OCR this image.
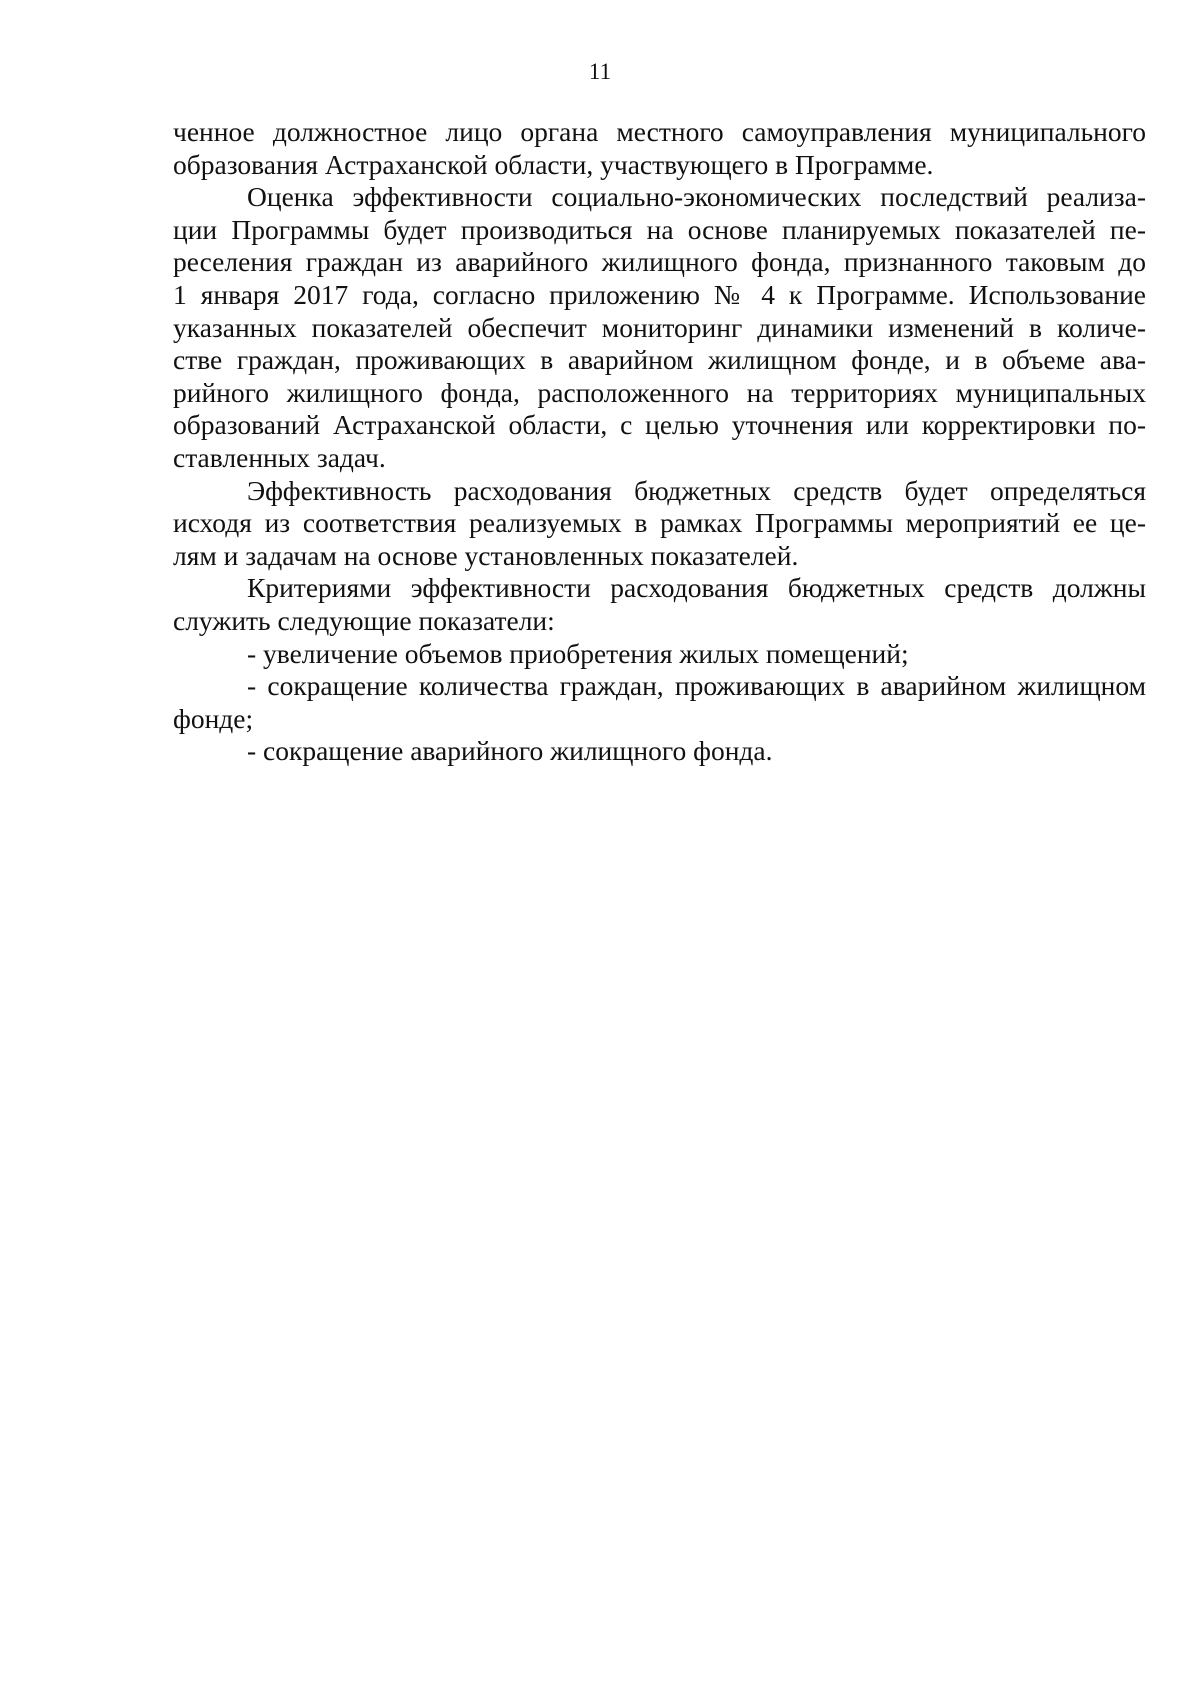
11
ченное должностное лицо органа местного самоуправления муниципального
образования Астраханской области, участвующего в Программе.
Оценка эффективности социально-экономических последствий реализа-
ции Программы будет производиться на основе планируемых показателей пе-
реселения граждан из аварийного жилищного фонда, признанного таковым до
1 января 2017 года, согласно приложению № 4 к Программе. Использование
указанных показателей обеспечит мониторинг динамики изменений в количе-
стве граждан, проживающих в аварийном жилищном фонде, и в объеме ава-
рийного жилищного фонда, расположенного на территориях муниципальных
образований Астраханской области, с целью уточнения или корректировки по-
ставленных задач.
Эффективность расходования бюджетных средств будет определяться
исходя из соответствия реализуемых в рамках Программы мероприятий ее це-
лям и задачам на основе установленных показателей.
Критериями эффективности расходования бюджетных средств должны
служить следующие показатели:
- увеличение объемов приобретения жилых помещений;
- сокращение количества граждан, проживающих в аварийном жилищном
фонде;
- сокращение аварийного жилищного фонда.
